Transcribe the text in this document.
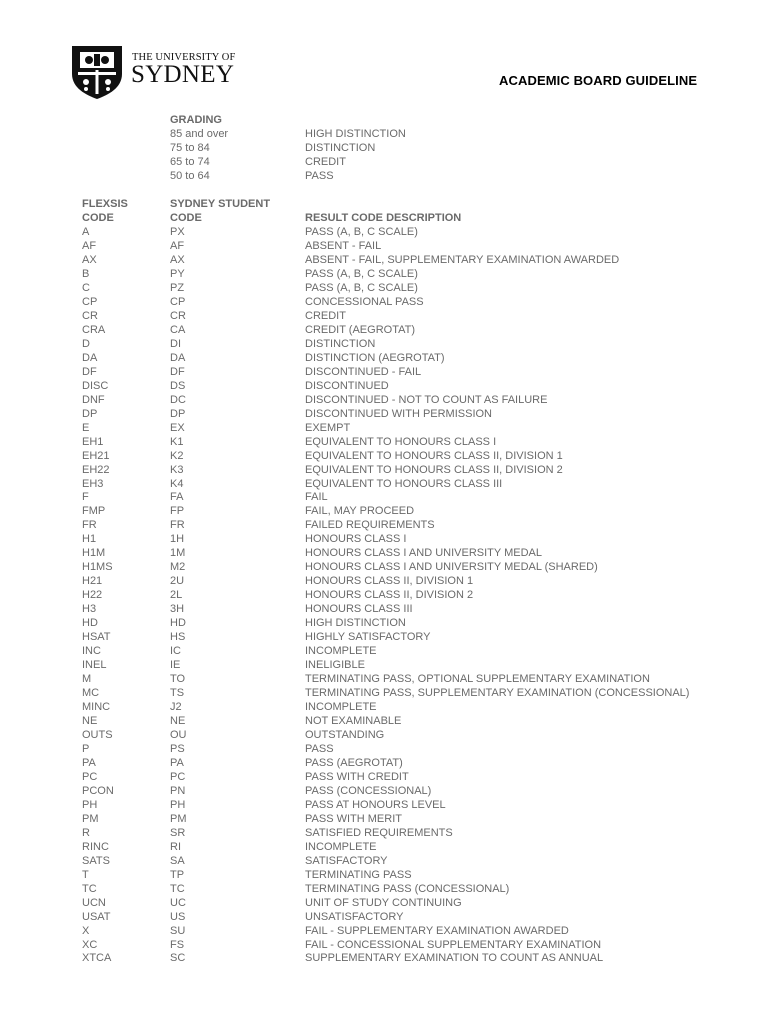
THE UNIVERSITY OF
SYDNEY	ACADEMIC BOARD GUIDELINE
GRADING
85 and over	HIGH DISTINCTION
75 to 84	DISTINCTION
65 to 74	CREDIT
50 to 64	PASS
FLEXSIS	SYDNEY STUDENT
CODE	CODE	RESULT CODE DESCRIPTION
A	PX	PASS (A, B, C SCALE)
AF	AF	ABSENT - FAIL
AX	AX	ABSENT - FAIL, SUPPLEMENTARY EXAMINATION AWARDED
B	PY	PASS (A, B, C SCALE)
C	PZ	PASS (A, B, C SCALE)
CP	CP	CONCESSIONAL PASS
CR	CR	CREDIT
CRA	CA	CREDIT (AEGROTAT)
D	DI	DISTINCTION
DA	DA	DISTINCTION (AEGROTAT)
DF	DF	DISCONTINUED - FAIL
DISC	DS	DISCONTINUED
DNF	DC	DISCONTINUED - NOT TO COUNT AS FAILURE
DP	DP	DISCONTINUED WITH PERMISSION
E	EX	EXEMPT
EH1	K1	EQUIVALENT TO HONOURS CLASS I
EH21	K2	EQUIVALENT TO HONOURS CLASS II, DIVISION 1
EH22	K3	EQUIVALENT TO HONOURS CLASS II, DIVISION 2
EH3	K4	EQUIVALENT TO HONOURS CLASS III
F	FA	FAIL
FMP	FP	FAIL, MAY PROCEED
FR	FR	FAILED REQUIREMENTS
H1	1H	HONOURS CLASS I
H1M	1M	HONOURS CLASS I AND UNIVERSITY MEDAL
H1MS	M2	HONOURS CLASS I AND UNIVERSITY MEDAL (SHARED)
H21	2U	HONOURS CLASS II, DIVISION 1
H22	2L	HONOURS CLASS II, DIVISION 2
H3	3H	HONOURS CLASS III
HD	HD	HIGH DISTINCTION
HSAT	HS	HIGHLY SATISFACTORY
INC	IC	INCOMPLETE
INEL	IE	INELIGIBLE
M	TO	TERMINATING PASS, OPTIONAL SUPPLEMENTARY EXAMINATION
MC	TS	TERMINATING PASS, SUPPLEMENTARY EXAMINATION (CONCESSIONAL)
MINC	J2	INCOMPLETE
NE	NE	NOT EXAMINABLE
OUTS	OU	OUTSTANDING
P	PS	PASS
PA	PA	PASS (AEGROTAT)
PC	PC	PASS WITH CREDIT
PCON	PN	PASS (CONCESSIONAL)
PH	PH	PASS AT HONOURS LEVEL
PM	PM	PASS WITH MERIT
R	SR	SATISFIED REQUIREMENTS
RINC	RI	INCOMPLETE
SATS	SA	SATISFACTORY
T	TP	TERMINATING PASS
TC	TC	TERMINATING PASS (CONCESSIONAL)
UCN	UC	UNIT OF STUDY CONTINUING
USAT	US	UNSATISFACTORY
X	SU	FAIL - SUPPLEMENTARY EXAMINATION AWARDED
XC	FS	FAIL - CONCESSIONAL SUPPLEMENTARY EXAMINATION
XTCA	SC	SUPPLEMENTARY EXAMINATION TO COUNT AS ANNUAL
